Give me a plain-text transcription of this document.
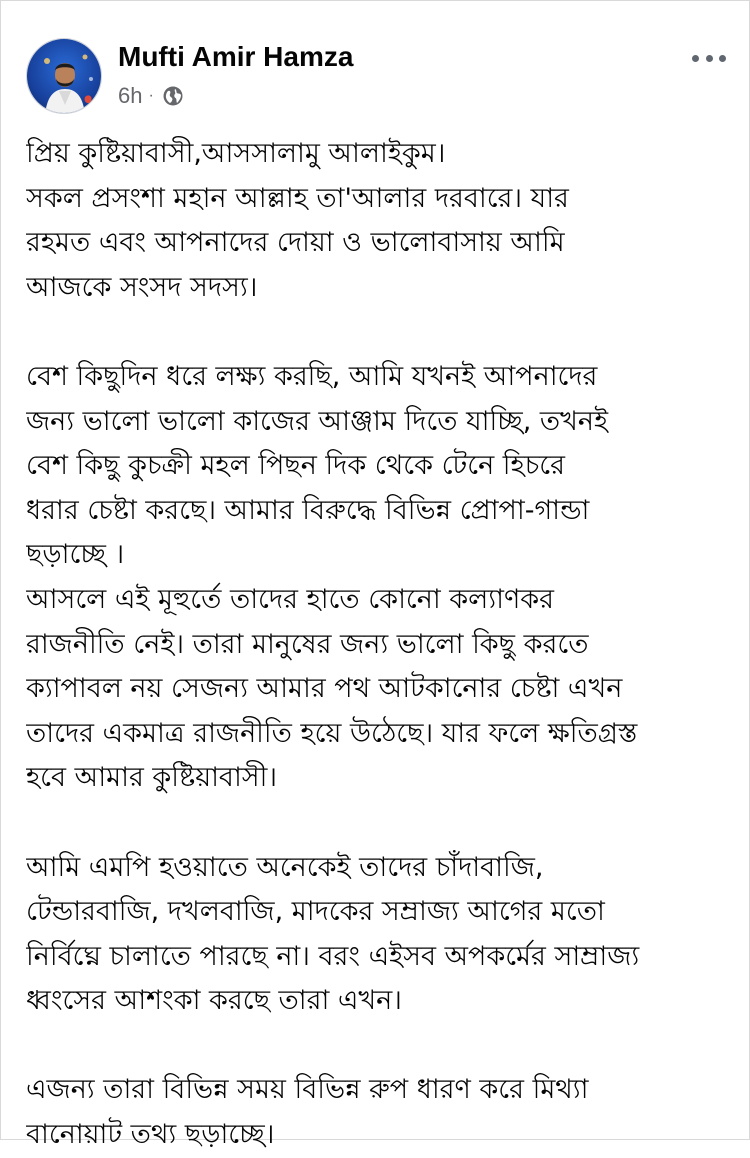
Mufti Amir Hamza
6h ·
প্রিয় কুষ্টিয়াবাসী,আসসালামু আলাইকুম।
সকল প্রসংশা মহান আল্লাহ তা'আলার দরবারে। যার
রহমত এবং আপনাদের দোয়া ও ভালোবাসায় আমি
আজকে সংসদ সদস্য।
বেশ কিছুদিন ধরে লক্ষ্য করছি, আমি যখনই আপনাদের
জন্য ভালো ভালো কাজের আঞ্জাম দিতে যাচ্ছি, তখনই
বেশ কিছু কুচক্রী মহল পিছন দিক থেকে টেনে হিচরে
ধরার চেষ্টা করছে। আমার বিরুদ্ধে বিভিন্ন প্রোপা-গান্ডা
ছড়াচ্ছে ।
আসলে এই মূহুর্তে তাদের হাতে কোনো কল্যাণকর
রাজনীতি নেই। তারা মানুষের জন্য ভালো কিছু করতে
ক্যাপাবল নয় সেজন্য আমার পথ আটকানোর চেষ্টা এখন
তাদের একমাত্র রাজনীতি হয়ে উঠেছে। যার ফলে ক্ষতিগ্রস্ত
হবে আমার কুষ্টিয়াবাসী।
আমি এমপি হওয়াতে অনেকেই তাদের চাঁদাবাজি,
টেন্ডারবাজি, দখলবাজি, মাদকের সম্রাজ্য আগের মতো
নির্বিঘ্নে চালাতে পারছে না। বরং এইসব অপকর্মের সাম্রাজ্য
ধ্বংসের আশংকা করছে তারা এখন।
এজন্য তারা বিভিন্ন সময় বিভিন্ন রুপ ধারণ করে মিথ্যা
বানোয়াট তথ্য ছড়াচ্ছে।
